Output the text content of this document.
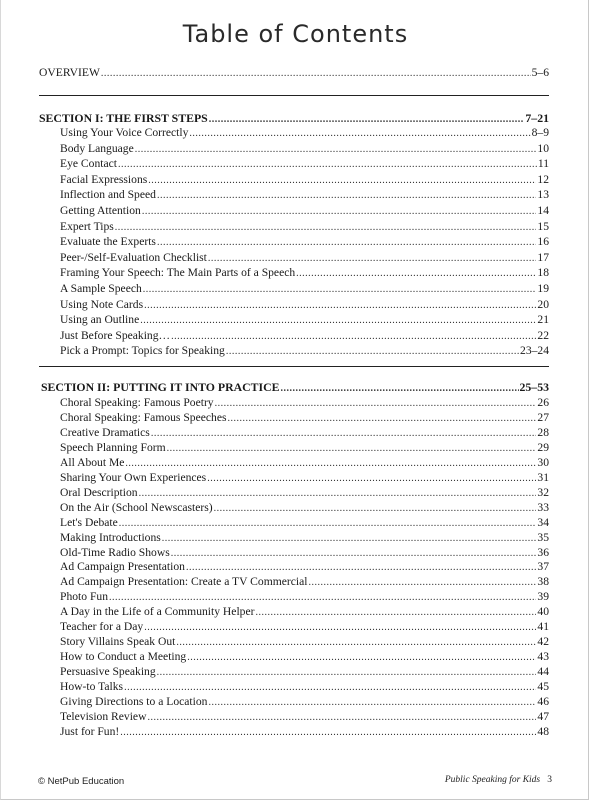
Table of Contents
OVERVIEW .....	5–6
SECTION I: THE FIRST STEPS .....	7–21
Using Your Voice Correctly .....	8–9
Body Language .....	10
Eye Contact .....	11
Facial Expressions .....	12
Inflection and Speed .....	13
Getting Attention .....	14
Expert Tips .....	15
Evaluate the Experts .....	16
Peer-/Self-Evaluation Checklist .....	17
Framing Your Speech: The Main Parts of a Speech .....	18
A Sample Speech .....	19
Using Note Cards .....	20
Using an Outline .....	21
Just Before Speaking… .....	22
Pick a Prompt: Topics for Speaking .....	23–24
SECTION II: PUTTING IT INTO PRACTICE .....	25–53
Choral Speaking: Famous Poetry .....	26
Choral Speaking: Famous Speeches .....	27
Creative Dramatics .....	28
Speech Planning Form .....	29
All About Me .....	30
Sharing Your Own Experiences .....	31
Oral Description .....	32
On the Air (School Newscasters) .....	33
Let's Debate .....	34
Making Introductions .....	35
Old-Time Radio Shows .....	36
Ad Campaign Presentation .....	37
Ad Campaign Presentation: Create a TV Commercial .....	38
Photo Fun .....	39
A Day in the Life of a Community Helper .....	40
Teacher for a Day .....	41
Story Villains Speak Out .....	42
How to Conduct a Meeting .....	43
Persuasive Speaking .....	44
How-to Talks .....	45
Giving Directions to a Location .....	46
Television Review .....	47
Just for Fun! .....	48
© NetPub Education	Public Speaking for Kids 3
